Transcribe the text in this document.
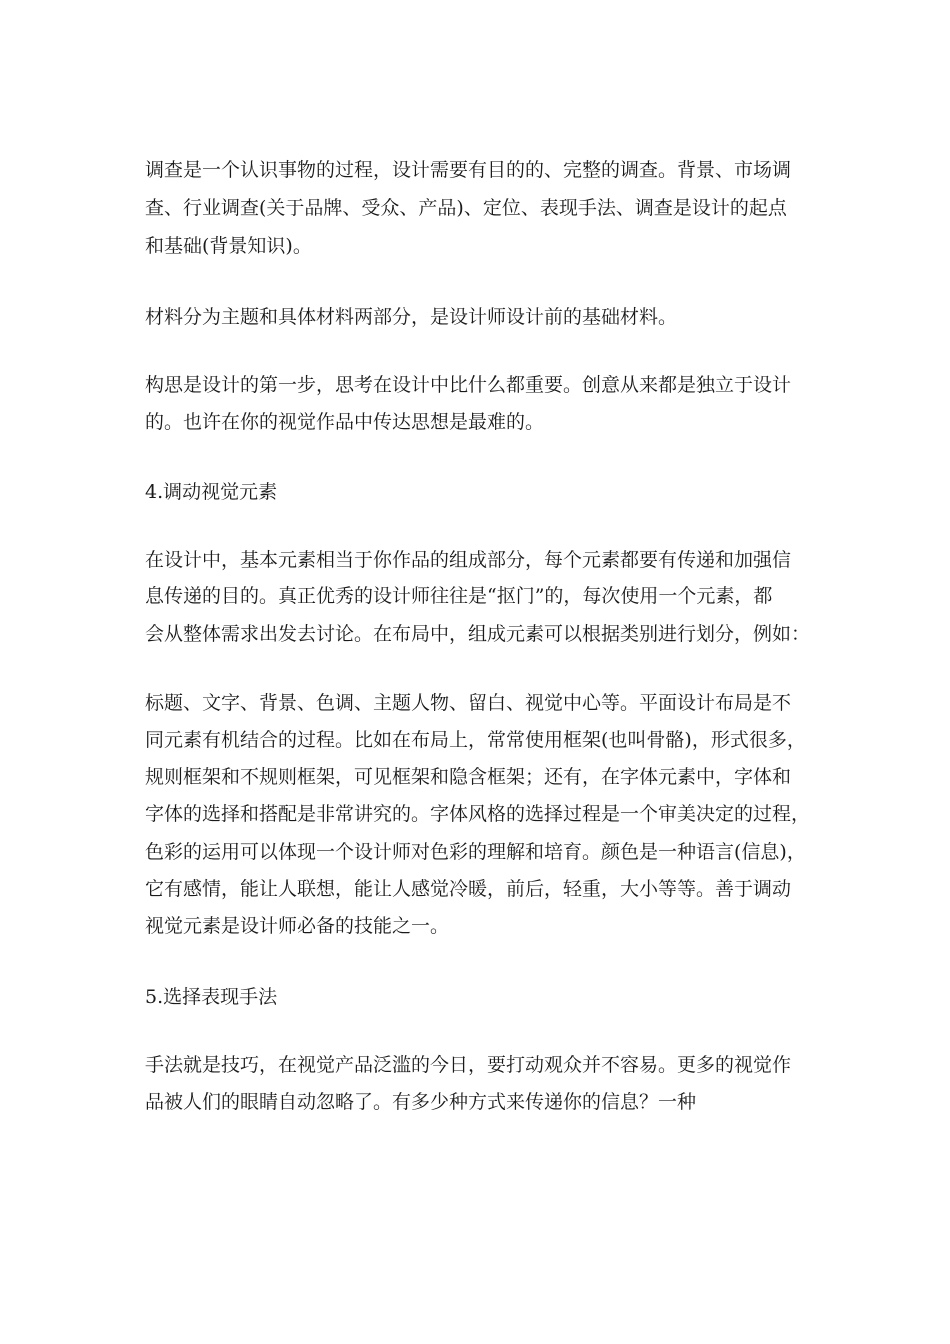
调查是一个认识事物的过程，设计需要有目的的、完整的调查。背景、市场调

查、行业调查(关于品牌、受众、产品)、定位、表现手法、调查是设计的起点

和基础(背景知识)。

材料分为主题和具体材料两部分，是设计师设计前的基础材料。

构思是设计的第一步，思考在设计中比什么都重要。创意从来都是独立于设计

的。也许在你的视觉作品中传达思想是最难的。

4.调动视觉元素

在设计中，基本元素相当于你作品的组成部分，每个元素都要有传递和加强信

息传递的目的。真正优秀的设计师往往是“抠门”的，每次使用一个元素，都

会从整体需求出发去讨论。在布局中，组成元素可以根据类别进行划分，例如：

标题、文字、背景、色调、主题人物、留白、视觉中心等。平面设计布局是不

同元素有机结合的过程。比如在布局上，常常使用框架(也叫骨骼)，形式很多，

规则框架和不规则框架，可见框架和隐含框架；还有，在字体元素中，字体和

字体的选择和搭配是非常讲究的。字体风格的选择过程是一个审美决定的过程，

色彩的运用可以体现一个设计师对色彩的理解和培育。颜色是一种语言(信息)，

它有感情，能让人联想，能让人感觉冷暖，前后，轻重，大小等等。善于调动

视觉元素是设计师必备的技能之一。

5.选择表现手法

手法就是技巧，在视觉产品泛滥的今日，要打动观众并不容易。更多的视觉作

品被人们的眼睛自动忽略了。有多少种方式来传递你的信息？一种
